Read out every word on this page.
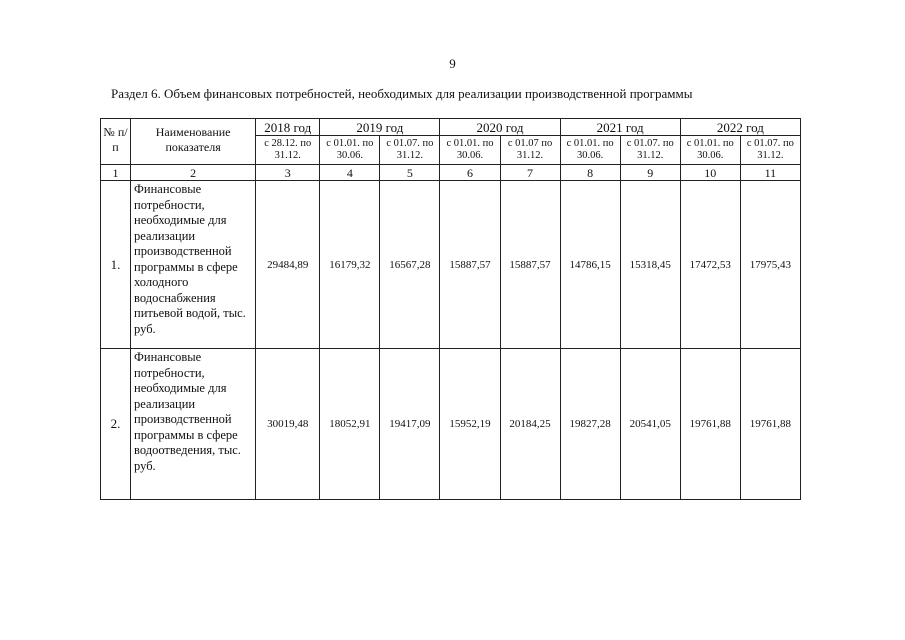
9
Раздел 6. Объем финансовых потребностей, необходимых для реализации производственной программы
№ п/п	Наименование показателя	2018 год	2019 год		2020 год		2021 год		2022 год	
		с 28.12. по 31.12.	с 01.01. по 30.06.	с 01.07. по 31.12.	с 01.01. по 30.06.	с 01.07 по 31.12.	с 01.01. по 30.06.	с 01.07. по 31.12.	с 01.01. по 30.06.	с 01.07. по 31.12.
1	2	3	4	5	6	7	8	9	10	11
1.	Финансовые потребности, необходимые для реализации производственной программы в сфере холодного водоснабжения питьевой водой, тыс. руб.	29484,89	16179,32	16567,28	15887,57	15887,57	14786,15	15318,45	17472,53	17975,43
2.	Финансовые потребности, необходимые для реализации производственной программы в сфере водоотведения, тыс. руб.	30019,48	18052,91	19417,09	15952,19	20184,25	19827,28	20541,05	19761,88	19761,88
